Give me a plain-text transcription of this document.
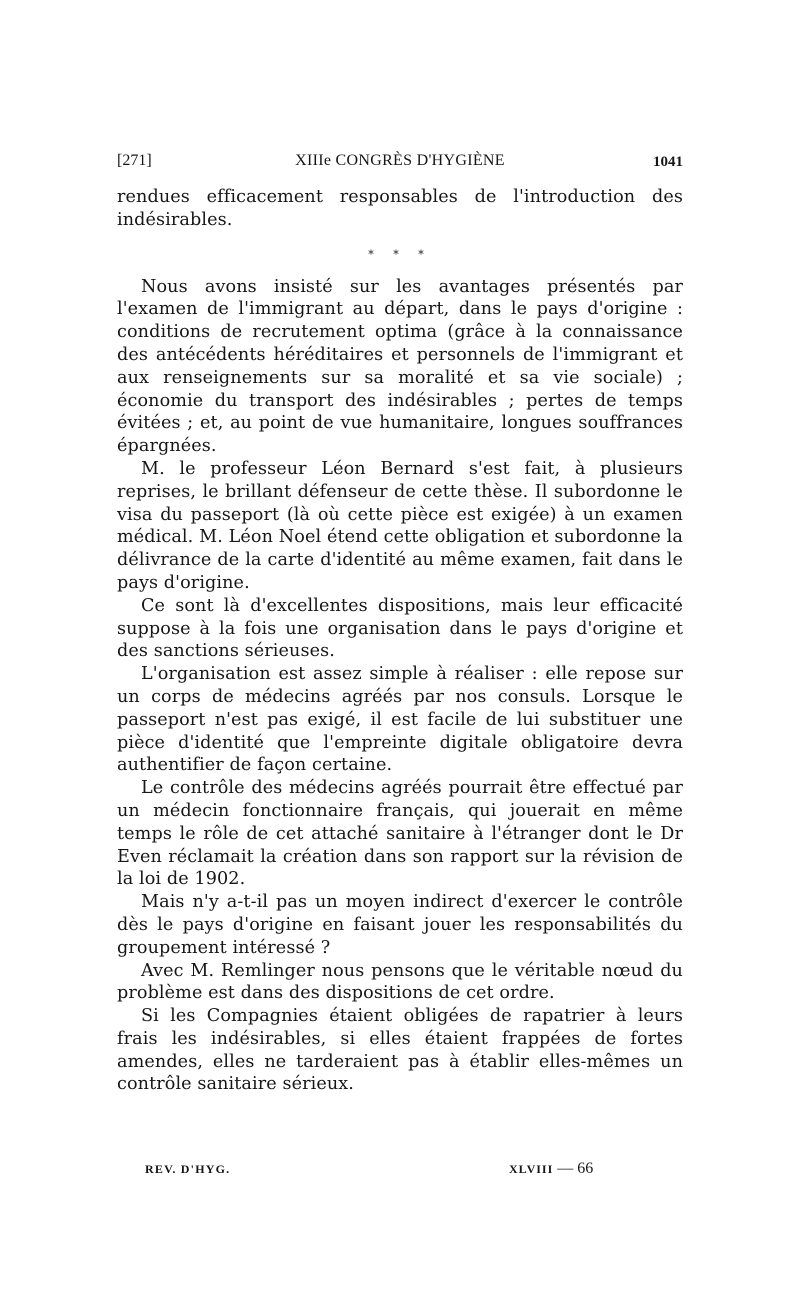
[271]	XIIIe CONGRÈS D'HYGIÈNE	1041

rendues efficacement responsables de l'introduction des indésirables.

* * *

Nous avons insisté sur les avantages présentés par l'examen de l'immigrant au départ, dans le pays d'origine : conditions de recrutement optima (grâce à la connaissance des antécédents héréditaires et personnels de l'immigrant et aux renseignements sur sa moralité et sa vie sociale) ; économie du transport des indésirables ; pertes de temps évitées ; et, au point de vue humanitaire, longues souffrances épargnées.

M. le professeur Léon Bernard s'est fait, à plusieurs reprises, le brillant défenseur de cette thèse. Il subordonne le visa du passeport (là où cette pièce est exigée) à un examen médical. M. Léon Noel étend cette obligation et subordonne la délivrance de la carte d'identité au même examen, fait dans le pays d'origine.

Ce sont là d'excellentes dispositions, mais leur efficacité suppose à la fois une organisation dans le pays d'origine et des sanctions sérieuses.

L'organisation est assez simple à réaliser : elle repose sur un corps de médecins agréés par nos consuls. Lorsque le passeport n'est pas exigé, il est facile de lui substituer une pièce d'identité que l'empreinte digitale obligatoire devra authentifier de façon certaine.

Le contrôle des médecins agréés pourrait être effectué par un médecin fonctionnaire français, qui jouerait en même temps le rôle de cet attaché sanitaire à l'étranger dont le Dr Even réclamait la création dans son rapport sur la révision de la loi de 1902.

Mais n'y a-t-il pas un moyen indirect d'exercer le contrôle dès le pays d'origine en faisant jouer les responsabilités du groupement intéressé ?

Avec M. Remlinger nous pensons que le véritable nœud du problème est dans des dispositions de cet ordre.

Si les Compagnies étaient obligées de rapatrier à leurs frais les indésirables, si elles étaient frappées de fortes amendes, elles ne tarderaient pas à établir elles-mêmes un contrôle sanitaire sérieux.

REV. D'HYG.	XLVIII — 66
